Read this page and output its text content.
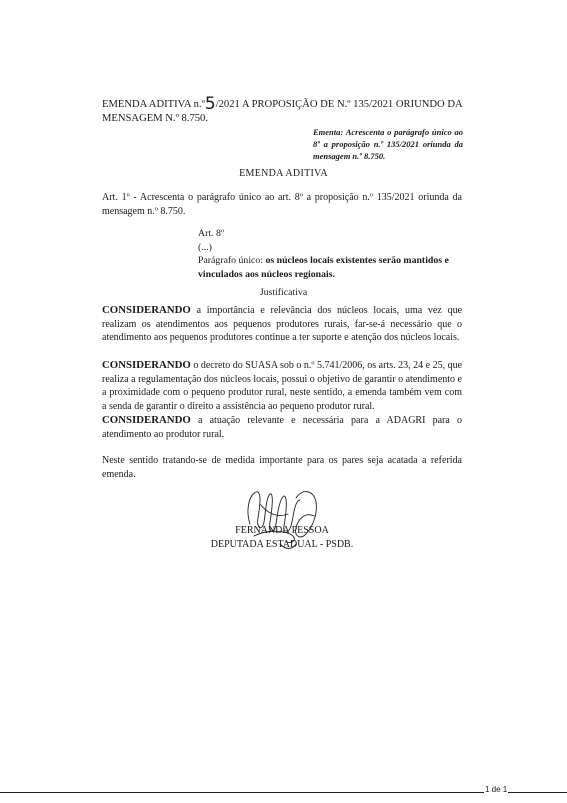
EMENDA ADITIVA n.º5/2021 A PROPOSIÇÃO DE N.º 135/2021 ORIUNDO DA MENSAGEM N.º 8.750.

Ementa: Acrescenta o parágrafo único ao 8º a proposição n.º 135/2021 oriunda da mensagem n.º 8.750.

EMENDA ADITIVA

Art. 1º - Acrescenta o parágrafo único ao art. 8º a proposição n.º 135/2021 oriunda da mensagem n.º 8.750.

Art. 8º
(...)
Parágrafo único: os núcleos locais existentes serão mantidos e vinculados aos núcleos regionais.

Justificativa

CONSIDERANDO a importância e relevância dos núcleos locais, uma vez que realizam os atendimentos aos pequenos produtores rurais, far-se-á necessário que o atendimento aos pequenos produtores continue a ter suporte e atenção dos núcleos locais.

CONSIDERANDO o decreto do SUASA sob o n.º 5.741/2006, os arts. 23, 24 e 25, que realiza a regulamentação dos núcleos locais, possui o objetivo de garantir o atendimento e a proximidade com o pequeno produtor rural, neste sentido, a emenda também vem com a senda de garantir o direito a assistência ao pequeno produtor rural.

CONSIDERANDO a atuação relevante e necessária para a ADAGRI para o atendimento ao produtor rural.

Neste sentido tratando-se de medida importante para os pares seja acatada a referida emenda.

FERNANDA PESSOA
DEPUTADA ESTADUAL - PSDB.
1 de 1
